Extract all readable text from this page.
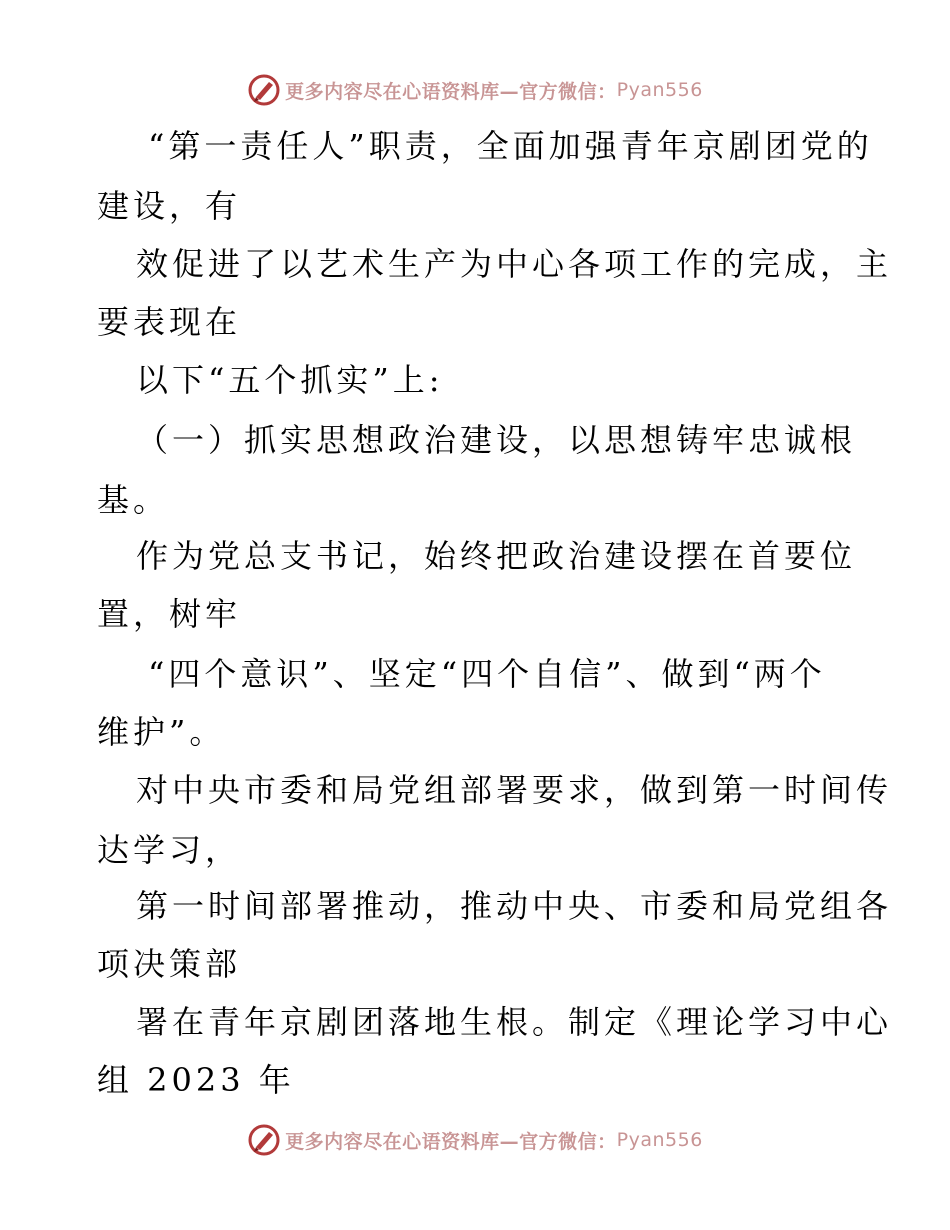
更多内容尽在心语资料库—官方微信： Pyan556
“第一责任人”职责，全面加强青年京剧团党的
建设，有
效促进了以艺术生产为中心各项工作的完成，主
要表现在
以下“五个抓实”上:
（一）抓实思想政治建设，以思想铸牢忠诚根
基。
作为党总支书记，始终把政治建设摆在首要位
置，树牢
“四个意识”、坚定“四个自信”、做到“两个
维护”。
对中央市委和局党组部署要求，做到第一时间传
达学习，
第一时间部署推动，推动中央、市委和局党组各
项决策部
署在青年京剧团落地生根。制定《理论学习中心
组 2023 年
更多内容尽在心语资料库—官方微信： Pyan556
